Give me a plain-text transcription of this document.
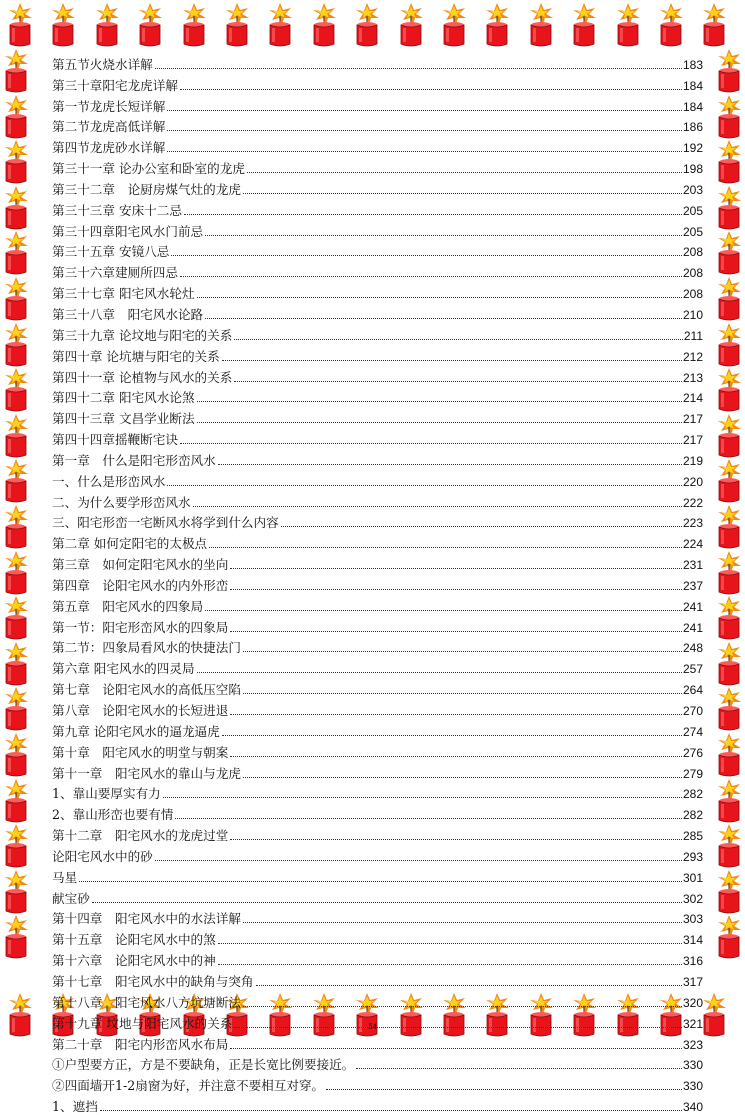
第五节火烧水详解	183
第三十章阳宅龙虎详解	184
第一节龙虎长短详解	184
第二节龙虎高低详解	186
第四节龙虎砂水详解	192
第三十一章 论办公室和卧室的龙虎	198
第三十二章　论厨房煤气灶的龙虎	203
第三十三章 安床十二忌	205
第三十四章阳宅风水门前忌	205
第三十五章 安镜八忌	208
第三十六章建厕所四忌	208
第三十七章 阳宅风水轮灶	208
第三十八章　阳宅风水论路	210
第三十九章 论坟地与阳宅的关系	211
第四十章 论坑塘与阳宅的关系	212
第四十一章 论植物与风水的关系	213
第四十二章 阳宅风水论煞	214
第四十三章 文昌学业断法	217
第四十四章摇鞭断宅诀	217
第一章　什么是阳宅形峦风水	219
一、什么是形峦风水	220
二、为什么要学形峦风水	222
三、阳宅形峦一宅断风水将学到什么内容	223
第二章 如何定阳宅的太极点	224
第三章　如何定阳宅风水的坐向	231
第四章　论阳宅风水的内外形峦	237
第五章　阳宅风水的四象局	241
第一节：阳宅形峦风水的四象局	241
第二节：四象局看风水的快捷法门	248
第六章 阳宅风水的四灵局	257
第七章　论阳宅风水的高低压空陷	264
第八章　论阳宅风水的长短进退	270
第九章 论阳宅风水的逼龙逼虎	274
第十章　阳宅风水的明堂与朝案	276
第十一章　阳宅风水的靠山与龙虎	279
1、靠山要厚实有力	282
2、靠山形峦也要有情	282
第十二章　阳宅风水的龙虎过堂	285
论阳宅风水中的砂	293
马星	301
献宝砂	302
第十四章　阳宅风水中的水法详解	303
第十五章　论阳宅风水中的煞	314
第十六章　论阳宅风水中的神	316
第十七章　阳宅风水中的缺角与突角	317
第十八章　阳宅风水八方坑塘断法	320
第十九章 坟地与阳宅风水的关系	321
第二十章　阳宅内形峦风水布局	323
①户型要方正，方是不要缺角，正是长宽比例要接近。	330
②四面墙开1-2扇窗为好，并注意不要相互对穿。	330
1、遮挡	340
54
